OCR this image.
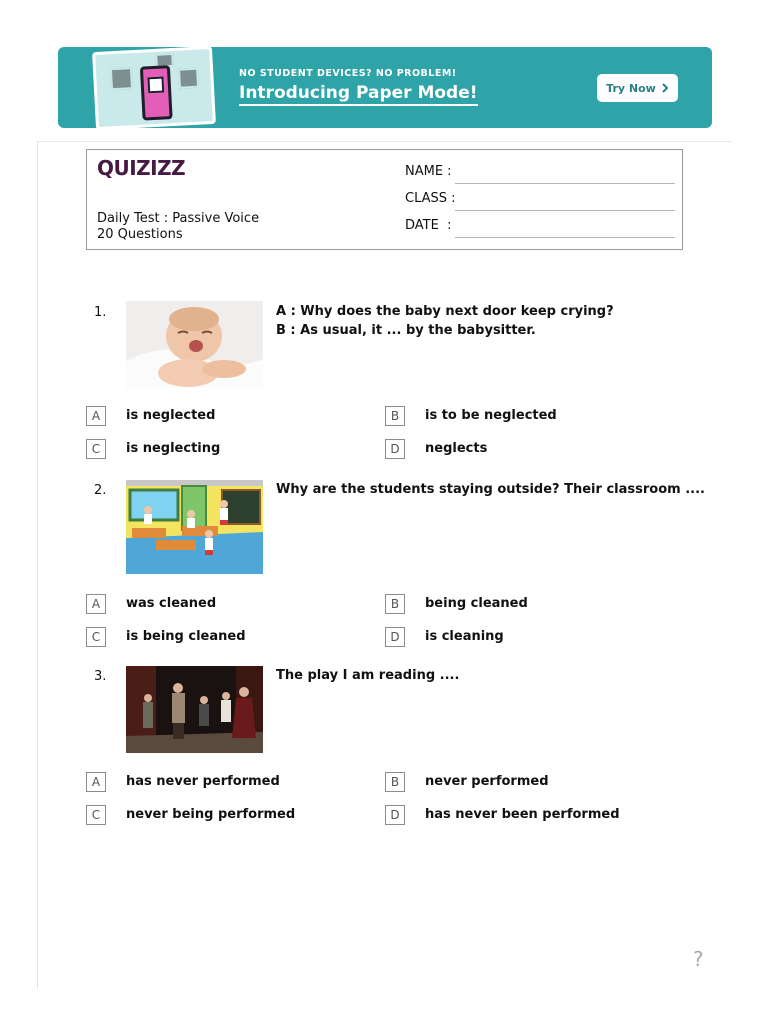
NO STUDENT DEVICES? NO PROBLEM!
Introducing Paper Mode!	Try Now
QUIZIZZ
Daily Test : Passive Voice
20 Questions
NAME :
CLASS :
DATE  :
1.	A : Why does the baby next door keep crying?
B : As usual, it ... by the babysitter.
A	is neglected	B	is to be neglected
C	is neglecting	D	neglects
2.	Why are the students staying outside? Their classroom ....
A	was cleaned	B	being cleaned
C	is being cleaned	D	is cleaning
3.	The play I am reading ....
A	has never performed	B	never performed
C	never being performed	D	has never been performed
?
